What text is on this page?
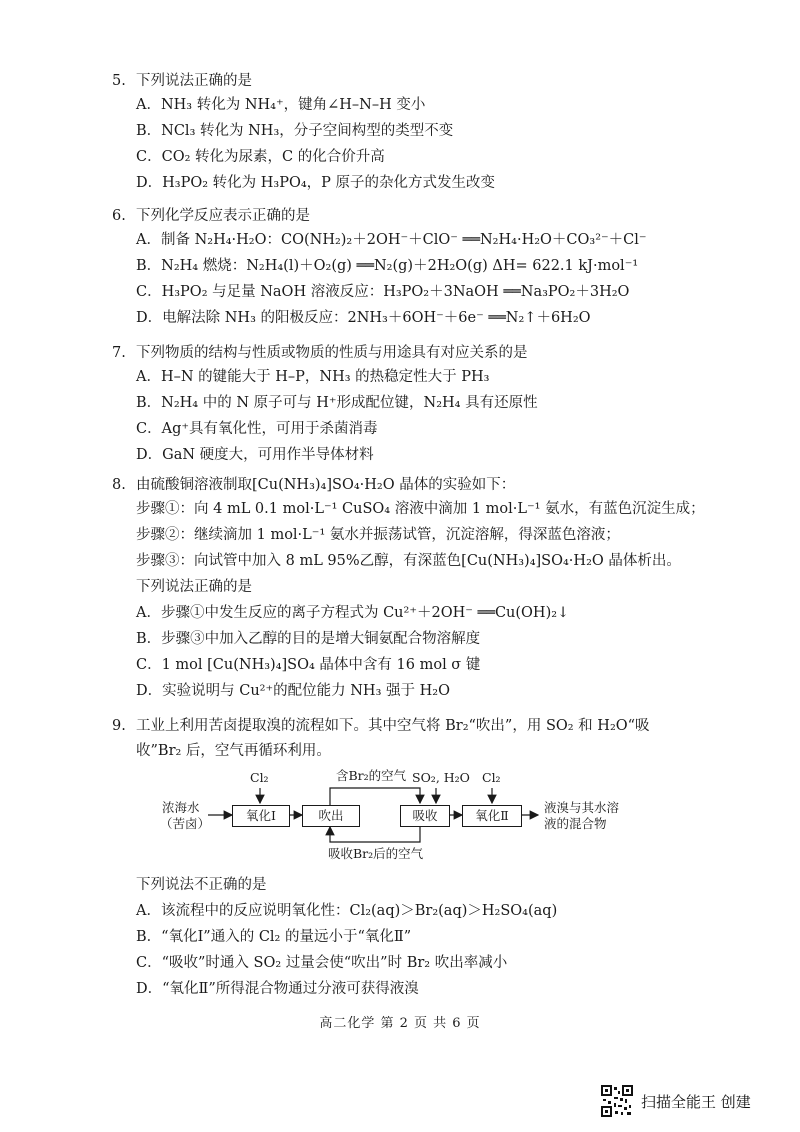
5. 下列说法正确的是
A．NH₃ 转化为 NH₄⁺，键角∠H–N–H 变小
B．NCl₃ 转化为 NH₃，分子空间构型的类型不变
C．CO₂ 转化为尿素，C 的化合价升高
D．H₃PO₂ 转化为 H₃PO₄，P 原子的杂化方式发生改变
6. 下列化学反应表示正确的是
A．制备 N₂H₄·H₂O：CO(NH₂)₂＋2OH⁻＋ClO⁻ ══N₂H₄·H₂O＋CO₃²⁻＋Cl⁻
B．N₂H₄ 燃烧：N₂H₄(l)＋O₂(g) ══N₂(g)＋2H₂O(g) ΔH= 622.1 kJ·mol⁻¹
C．H₃PO₂ 与足量 NaOH 溶液反应：H₃PO₂＋3NaOH ══Na₃PO₂＋3H₂O
D．电解法除 NH₃ 的阳极反应：2NH₃＋6OH⁻＋6e⁻ ══N₂↑＋6H₂O
7. 下列物质的结构与性质或物质的性质与用途具有对应关系的是
A．H–N 的键能大于 H–P，NH₃ 的热稳定性大于 PH₃
B．N₂H₄ 中的 N 原子可与 H⁺形成配位键，N₂H₄ 具有还原性
C．Ag⁺具有氧化性，可用于杀菌消毒
D．GaN 硬度大，可用作半导体材料
8. 由硫酸铜溶液制取[Cu(NH₃)₄]SO₄·H₂O 晶体的实验如下：
步骤①：向 4 mL 0.1 mol·L⁻¹ CuSO₄ 溶液中滴加 1 mol·L⁻¹ 氨水，有蓝色沉淀生成；
步骤②：继续滴加 1 mol·L⁻¹ 氨水并振荡试管，沉淀溶解，得深蓝色溶液；
步骤③：向试管中加入 8 mL 95%乙醇，有深蓝色[Cu(NH₃)₄]SO₄·H₂O 晶体析出。
下列说法正确的是
A．步骤①中发生反应的离子方程式为 Cu²⁺＋2OH⁻ ══Cu(OH)₂↓
B．步骤③中加入乙醇的目的是增大铜氨配合物溶解度
C．1 mol [Cu(NH₃)₄]SO₄ 晶体中含有 16 mol σ 键
D．实验说明与 Cu²⁺的配位能力 NH₃ 强于 H₂O
9. 工业上利用苦卤提取溴的流程如下。其中空气将 Br₂“吹出”，用 SO₂ 和 H₂O“吸
收”Br₂ 后，空气再循环利用。
浓海水
（苦卤）
氧化Ⅰ	吹出	吸收	氧化Ⅱ
Cl₂	含Br₂的空气 SO₂, H₂O Cl₂
吸收Br₂后的空气
液溴与其水溶
液的混合物
下列说法不正确的是
A．该流程中的反应说明氧化性：Cl₂(aq)＞Br₂(aq)＞H₂SO₄(aq)
B．“氧化Ⅰ”通入的 Cl₂ 的量远小于“氧化Ⅱ”
C．“吸收”时通入 SO₂ 过量会使“吹出”时 Br₂ 吹出率减小
D．“氧化Ⅱ”所得混合物通过分液可获得液溴
高二化学 第 2 页 共 6 页
扫描全能王 创建
